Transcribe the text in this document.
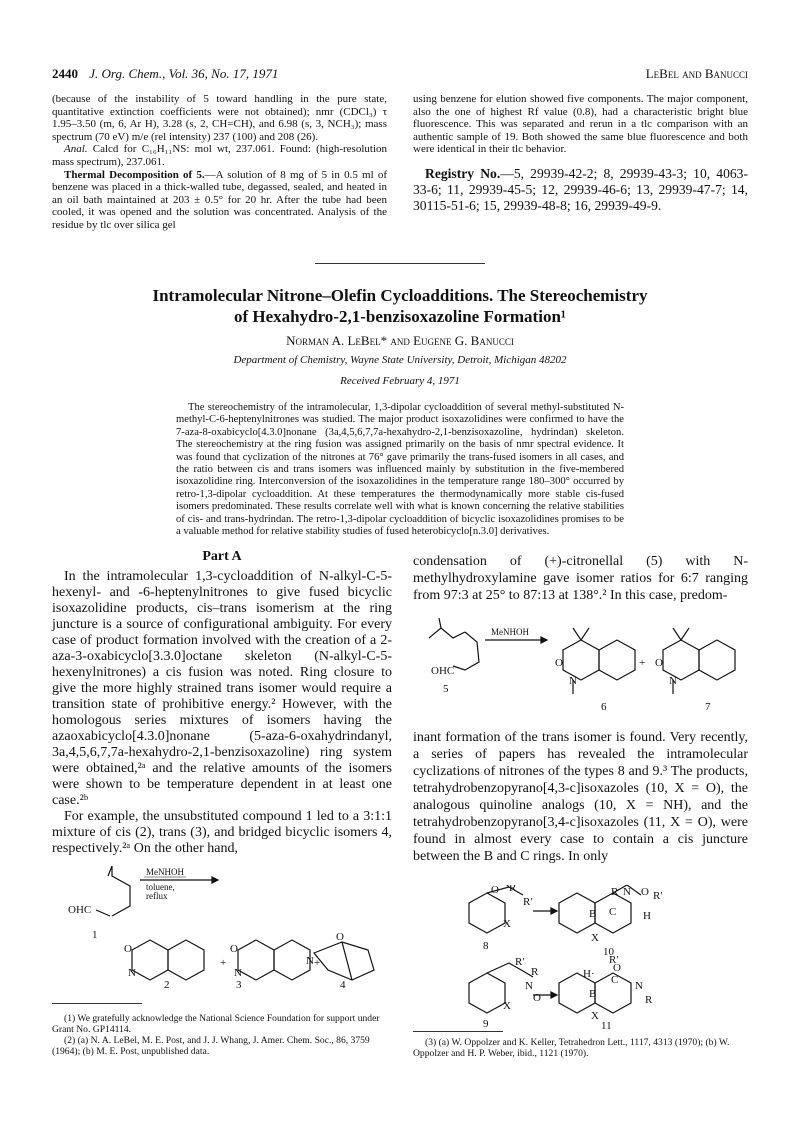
2440 J. Org. Chem., Vol. 36, No. 17, 1971	LeBel and Banucci

(because of the instability of 5 toward handling in the pure state, quantitative extinction coefficients were not obtained); nmr (CDCl₃) τ 1.95–3.50 (m, 6, Ar H), 3.28 (s, 2, CH=CH), and 6.98 (s, 3, NCH₃); mass spectrum (70 eV) m/e (rel intensity) 237 (100) and 208 (26).

Anal. Calcd for C₁₆H₁₁NS: mol wt, 237.061. Found: (high-resolution mass spectrum), 237.061.

Thermal Decomposition of 5.—A solution of 8 mg of 5 in 0.5 ml of benzene was placed in a thick-walled tube, degassed, sealed, and heated in an oil bath maintained at 203 ± 0.5° for 20 hr. After the tube had been cooled, it was opened and the solution was concentrated. Analysis of the residue by tlc over silica gel

using benzene for elution showed five components. The major component, also the one of highest Rf value (0.8), had a characteristic bright blue fluorescence. This was separated and rerun in a tlc comparison with an authentic sample of 19. Both showed the same blue fluorescence and both were identical in their tlc behavior.

Registry No.—5, 29939-42-2; 8, 29939-43-3; 10, 4063-33-6; 11, 29939-45-5; 12, 29939-46-6; 13, 29939-47-7; 14, 30115-51-6; 15, 29939-48-8; 16, 29939-49-9.

Intramolecular Nitrone–Olefin Cycloadditions. The Stereochemistry
of Hexahydro-2,1-benzisoxazoline Formation¹
Norman A. LeBel* and Eugene G. Banucci
Department of Chemistry, Wayne State University, Detroit, Michigan 48202
Received February 4, 1971
The stereochemistry of the intramolecular, 1,3-dipolar cycloaddition of several methyl-substituted N-methyl-C-6-heptenylnitrones was studied. The major product isoxazolidines were confirmed to have the 7-aza-8-oxabicyclo[4.3.0]nonane (3a,4,5,6,7,7a-hexahydro-2,1-benzisoxazoline, hydrindan) skeleton. The stereochemistry at the ring fusion was assigned primarily on the basis of nmr spectral evidence. It was found that cyclization of the nitrones at 76° gave primarily the trans-fused isomers in all cases, and the ratio between cis and trans isomers was influenced mainly by substitution in the five-membered isoxazolidine ring. Interconversion of the isoxazolidines in the temperature range 180–300° occurred by retro-1,3-dipolar cycloaddition. At these temperatures the thermodynamically more stable cis-fused isomers predominated. These results correlate well with what is known concerning the relative stabilities of cis- and trans-hydrindan. The retro-1,3-dipolar cycloaddition of bicyclic isoxazolidines promises to be a valuable method for relative stability studies of fused heterobicyclo[n.3.0] derivatives.
Part A

In the intramolecular 1,3-cycloaddition of N-alkyl-C-5-hexenyl- and -6-heptenylnitrones to give fused bicyclic isoxazolidine products, cis–trans isomerism at the ring juncture is a source of configurational ambiguity. For every case of product formation involved with the creation of a 2-aza-3-oxabicyclo[3.3.0]octane skeleton (N-alkyl-C-5-hexenylnitrones) a cis fusion was noted. Ring closure to give the more highly strained trans isomer would require a transition state of prohibitive energy.² However, with the homologous series mixtures of isomers having the azaoxabicyclo[4.3.0]nonane (5-aza-6-oxahydrindanyl, 3a,4,5,6,7,7a-hexahydro-2,1-benzisoxazoline) ring system were obtained,²ᵃ and the relative amounts of the isomers were shown to be temperature dependent in at least one case.²ᵇ

For example, the unsubstituted compound 1 led to a 3:1:1 mixture of cis (2), trans (3), and bridged bicyclic isomers 4, respectively.²ᵃ On the other hand,

OHC
1
MeNHOH
toluene,
reflux
O
N
+
O
N
+
O
N
2	3	4
(1) We gratefully acknowledge the National Science Foundation for support under Grant No. GP14114.
(2) (a) N. A. LeBel, M. E. Post, and J. J. Whang, J. Amer. Chem. Soc., 86, 3759 (1964); (b) M. E. Post, unpublished data.
condensation of (+)-citronellal (5) with N-methylhydroxylamine gave isomer ratios for 6:7 ranging from 97:3 at 25° to 87:13 at 138°.² In this case, predom-
OHC
5
MeNHOH
O
N
+ O
N
6	7
inant formation of the trans isomer is found. Very recently, a series of papers has revealed the intramolecular cyclizations of nitrones of the types 8 and 9.³ The products, tetrahydrobenzopyrano[4,3-c]isoxazoles (10, X = O), the analogous quinoline analogs (10, X = NH), and the tetrahydrobenzopyrano[3,4-c]isoxazoles (11, X = O), were found in almost every case to contain a cis juncture between the B and C rings. In only
O R
R′
X
8
R N O R′
C
B	H
X
10
R′
R
N
O
X
9
R′
H· C
O
N
R
B
X
11
(3) (a) W. Oppolzer and K. Keller, Tetrahedron Lett., 1117, 4313 (1970); (b) W. Oppolzer and H. P. Weber, ibid., 1121 (1970).
